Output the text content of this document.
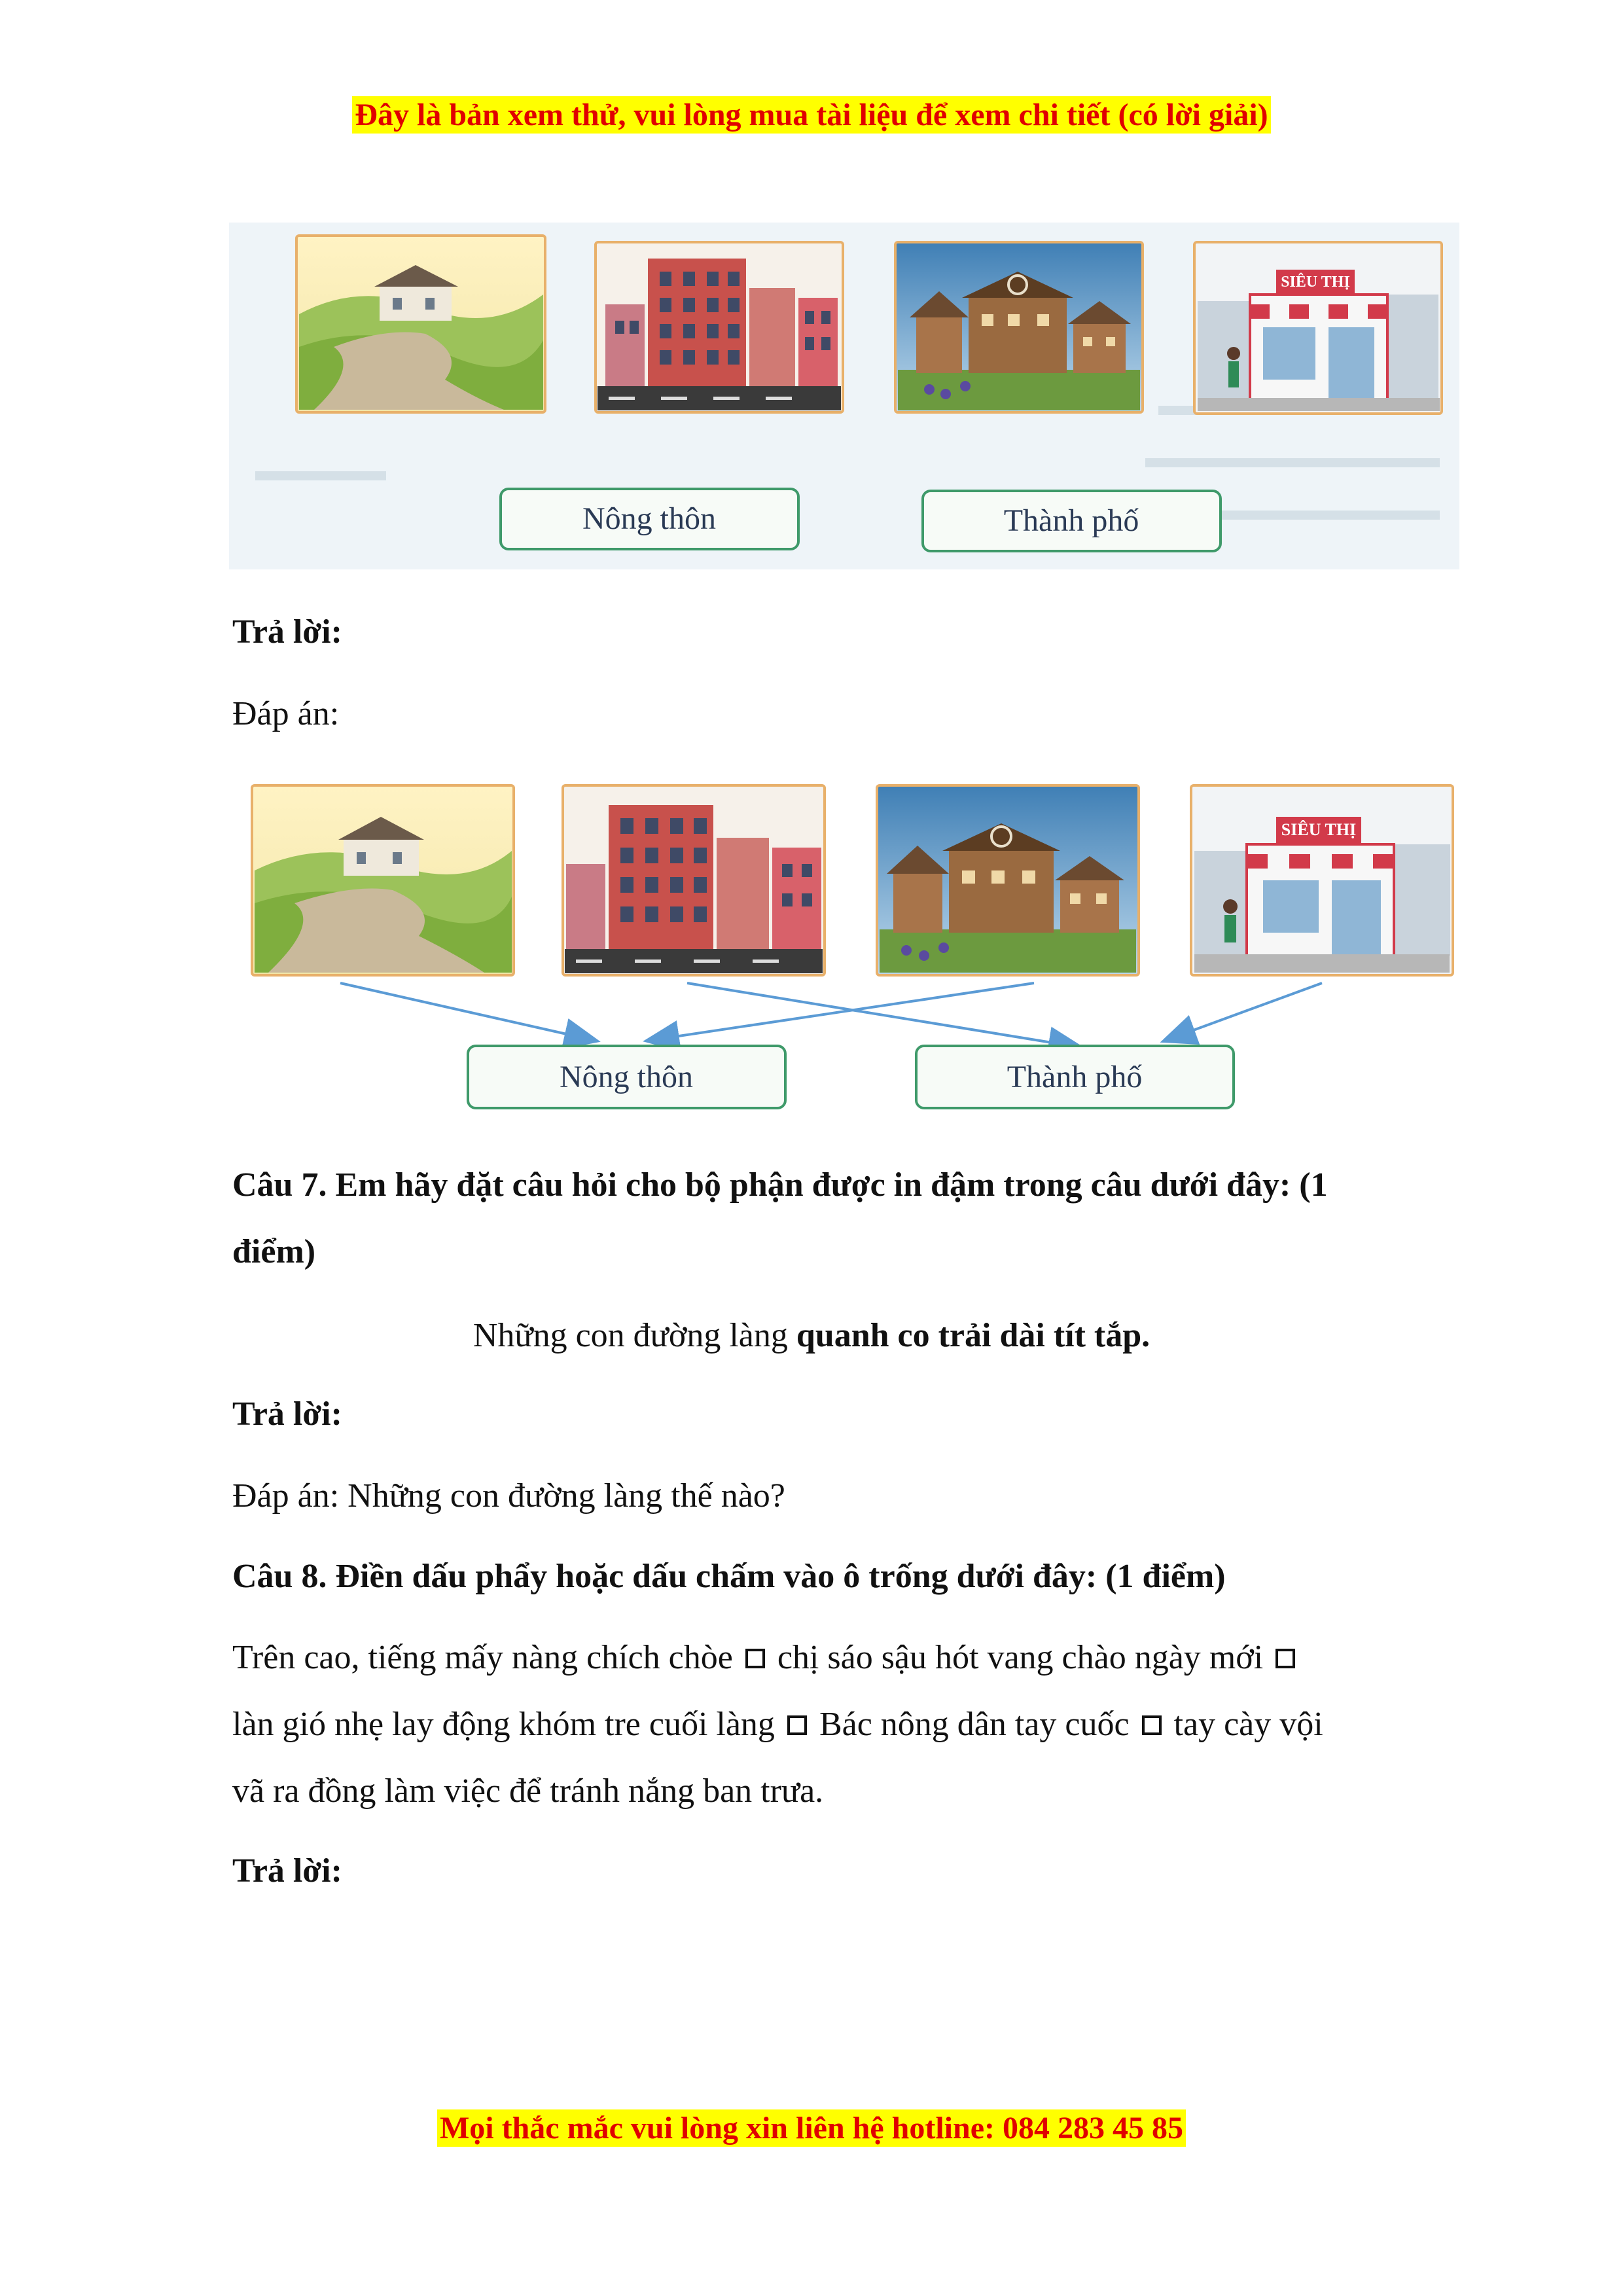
Đây là bản xem thử, vui lòng mua tài liệu để xem chi tiết (có lời giải)
SIÊU THỊ
Nông thôn	Thành phố
Trả lời:
Đáp án:
SIÊU THỊ
Nông thôn	Thành phố
Câu 7. Em hãy đặt câu hỏi cho bộ phận được in đậm trong câu dưới đây: (1
điểm)
Những con đường làng quanh co trải dài tít tắp.
Trả lời:
Đáp án: Những con đường làng thế nào?
Câu 8. Điền dấu phẩy hoặc dấu chấm vào ô trống dưới đây: (1 điểm)
Trên cao, tiếng mấy nàng chích chòe chị sáo sậu hót vang chào ngày mới
làn gió nhẹ lay động khóm tre cuối làng Bác nông dân tay cuốc tay cày vội
vã ra đồng làm việc để tránh nắng ban trưa.
Trả lời:
Mọi thắc mắc vui lòng xin liên hệ hotline: 084 283 45 85
